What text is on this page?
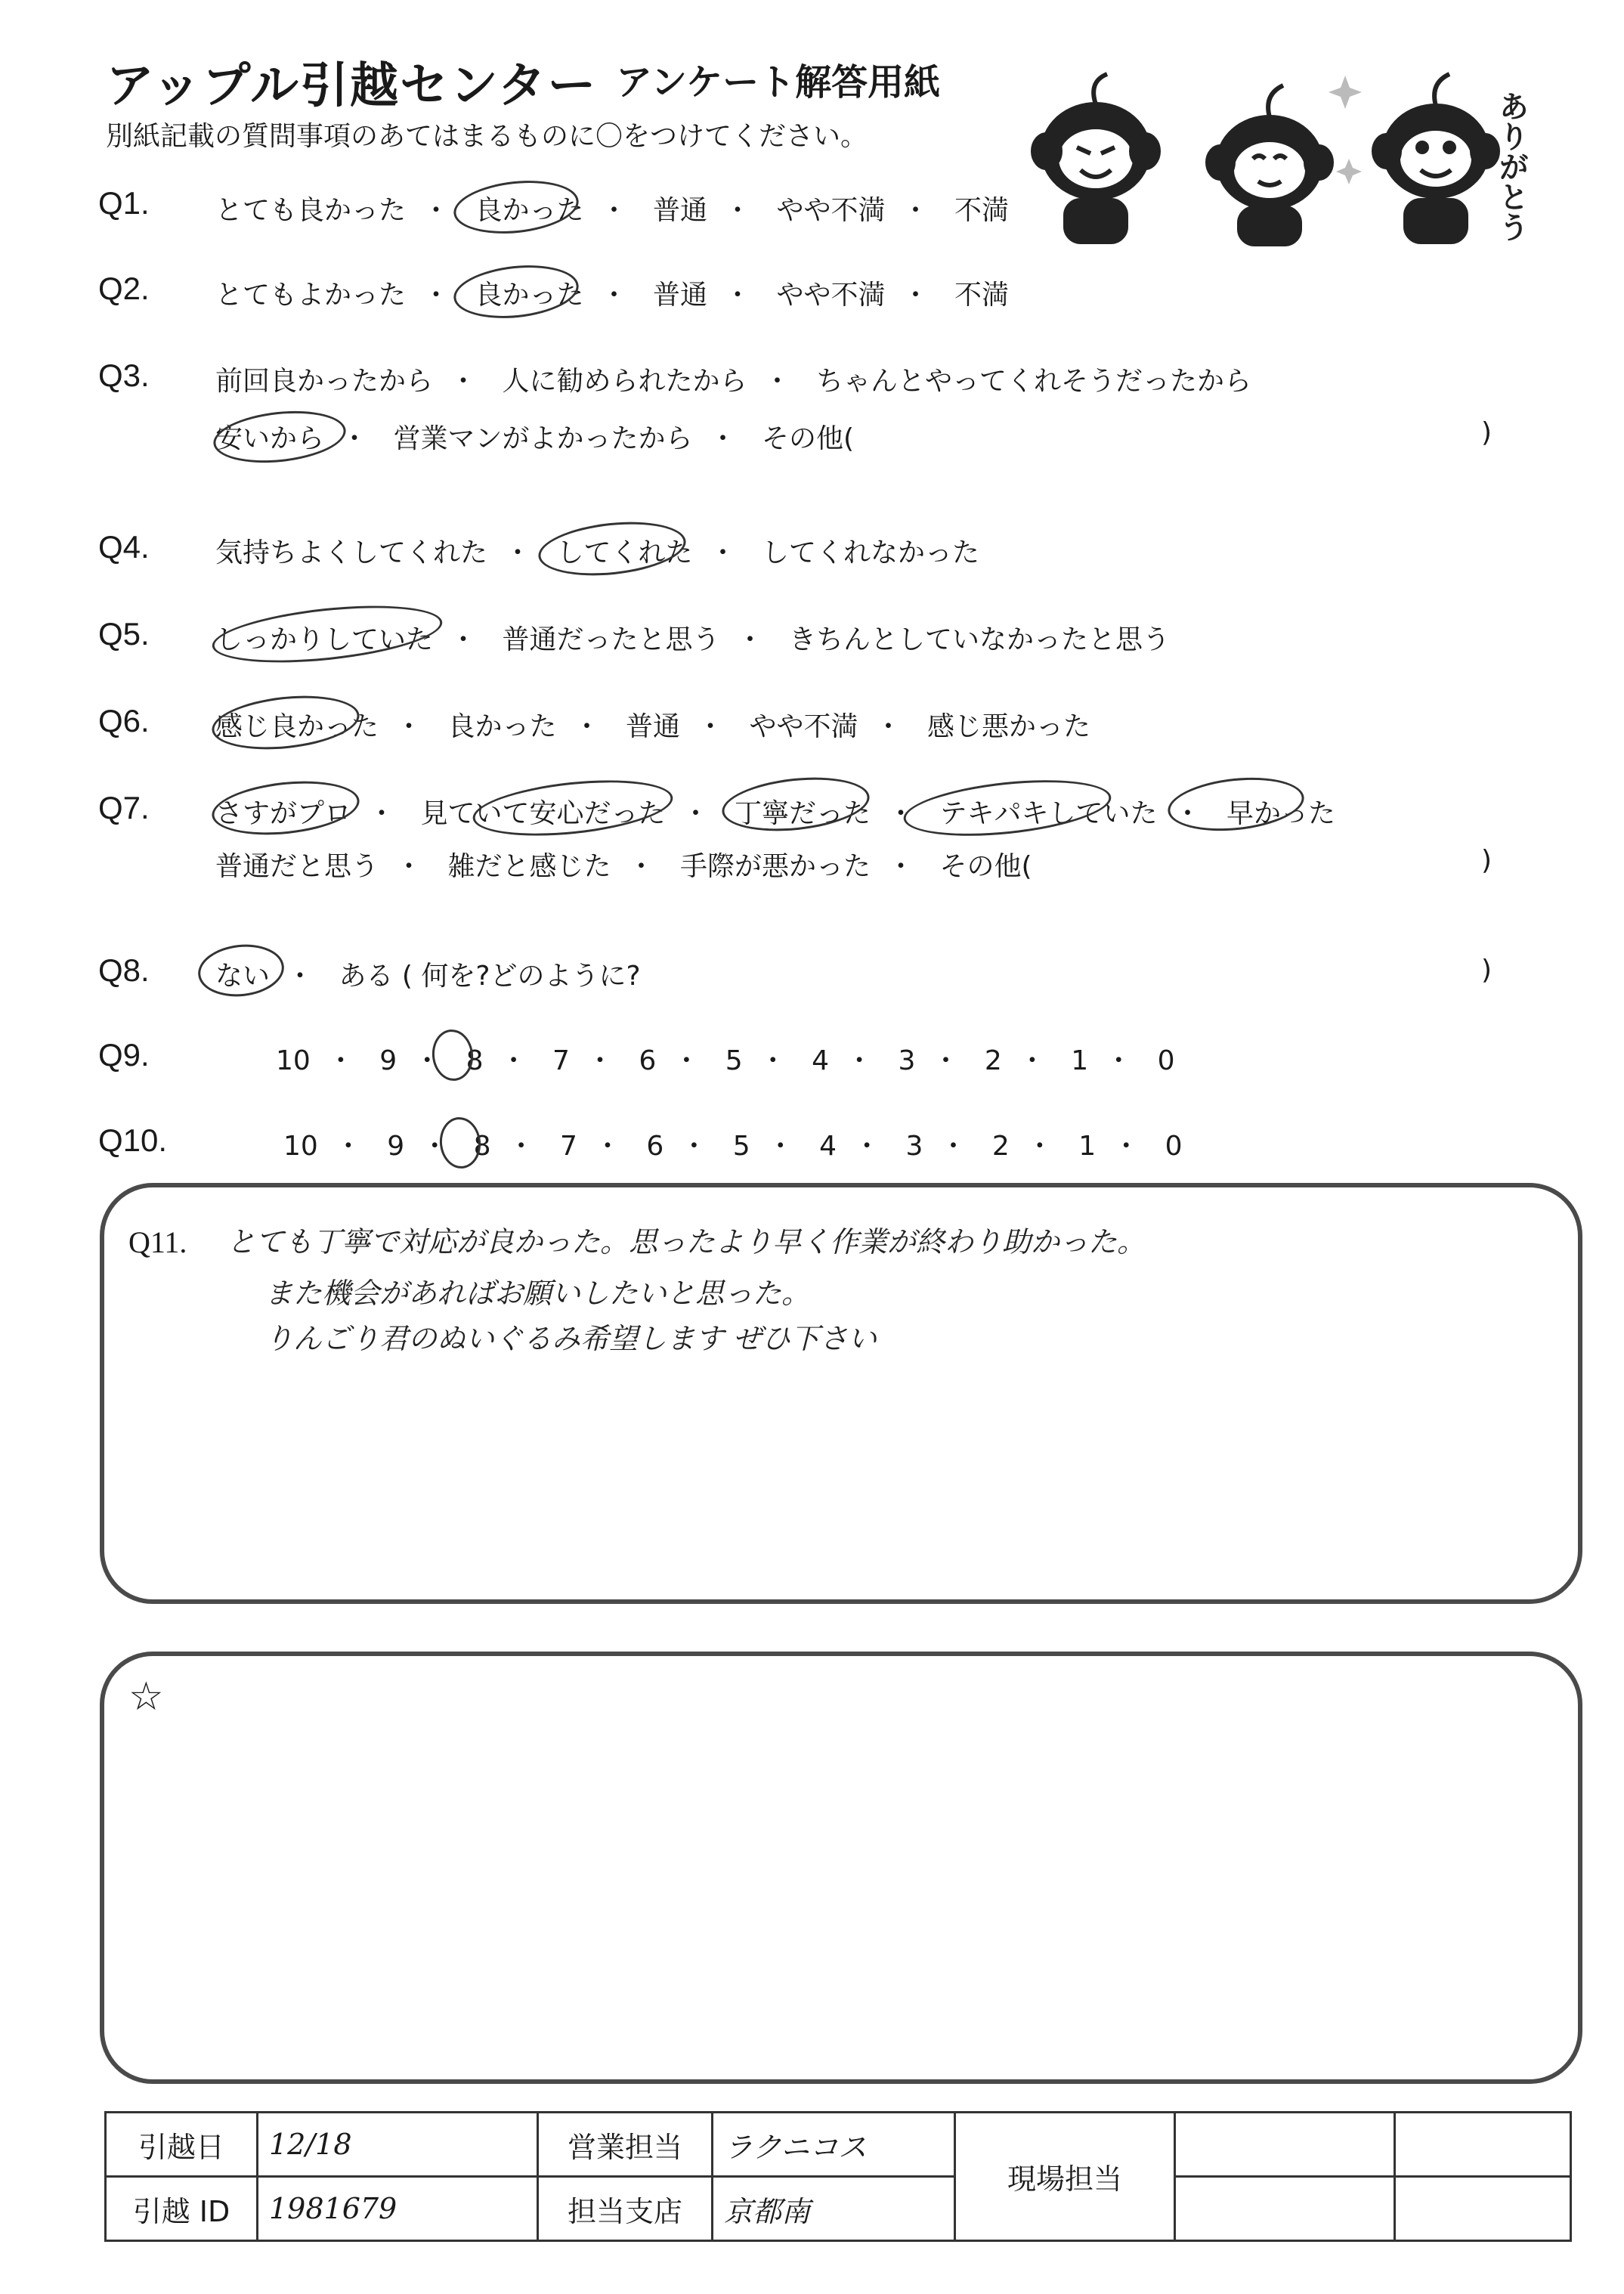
アップル引越センター アンケート解答用紙
別紙記載の質問事項のあてはまるものに〇をつけてください。	ありがとう
Q1. とても良かった ・ 良かった ・ 普通 ・ やや不満 ・ 不満
Q2. とてもよかった ・ 良かった ・ 普通 ・ やや不満 ・ 不満
Q3. 前回良かったから ・ 人に勧められたから ・ ちゃんとやってくれそうだったから
安いから ・ 営業マンがよかったから ・ その他(	)
Q4. 気持ちよくしてくれた ・ してくれた ・ してくれなかった
Q5. しっかりしていた ・ 普通だったと思う ・ きちんとしていなかったと思う
Q6. 感じ良かった ・ 良かった ・ 普通 ・ やや不満 ・ 感じ悪かった
Q7. さすがプロ ・ 見ていて安心だった ・ 丁寧だった ・ テキパキしていた ・ 早かった
普通だと思う ・ 雑だと感じた ・ 手際が悪かった ・ その他(	)
Q8. ない ・ ある ( 何を?どのように?	)
Q9.	10 ・ 9 ・ 8 ・ 7 ・ 6 ・ 5 ・ 4 ・ 3 ・ 2 ・ 1 ・ 0
Q10.	10 ・ 9 ・ 8 ・ 7 ・ 6 ・ 5 ・ 4 ・ 3 ・ 2 ・ 1 ・ 0
Q11. とても丁寧で対応が良かった。思ったより早く作業が終わり助かった。
また機会があればお願いしたいと思った。
りんごり君のぬいぐるみ希望します ぜひ下さい
☆
引越日	12/18	営業担当	ラクニコス	現場担当		
引越 ID	1981679	担当支店	京都南			
